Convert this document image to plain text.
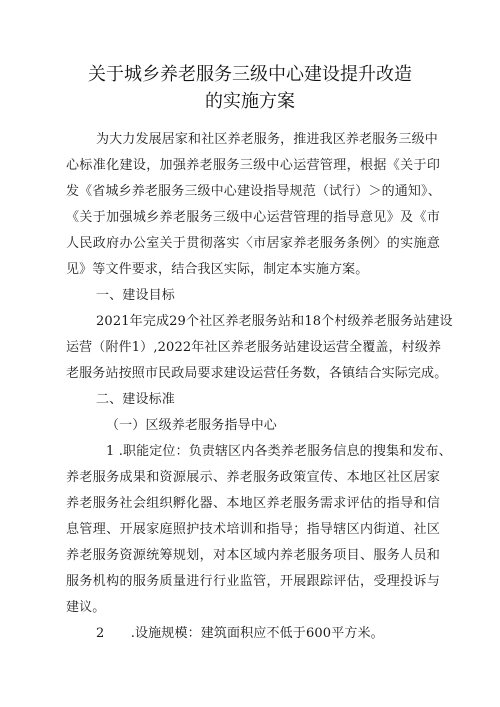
关于城乡养老服务三级中心建设提升改造
的实施方案
为大力发展居家和社区养老服务，推进我区养老服务三级中
心标准化建设，加强养老服务三级中心运营管理，根据《关于印
发《省城乡养老服务三级中心建设指导规范（试行）＞的通知》、
《关于加强城乡养老服务三级中心运营管理的指导意见》及《市
人民政府办公室关于贯彻落实〈市居家养老服务条例〉的实施意
见》等文件要求，结合我区实际，制定本实施方案。
一、建设目标
2021年完成29个社区养老服务站和18个村级养老服务站建设
运营（附件1）,2022年社区养老服务站建设运营全覆盖，村级养
老服务站按照市民政局要求建设运营任务数，各镇结合实际完成。
二、建设标准
（一）区级养老服务指导中心
1 .职能定位：负责辖区内各类养老服务信息的搜集和发布、
养老服务成果和资源展示、养老服务政策宣传、本地区社区居家
养老服务社会组织孵化器、本地区养老服务需求评估的指导和信
息管理、开展家庭照护技术培训和指导；指导辖区内街道、社区
养老服务资源统筹规划，对本区域内养老服务项目、服务人员和
服务机构的服务质量进行行业监管，开展跟踪评估，受理投诉与
建议。
2　　.设施规模：建筑面积应不低于600平方米。
